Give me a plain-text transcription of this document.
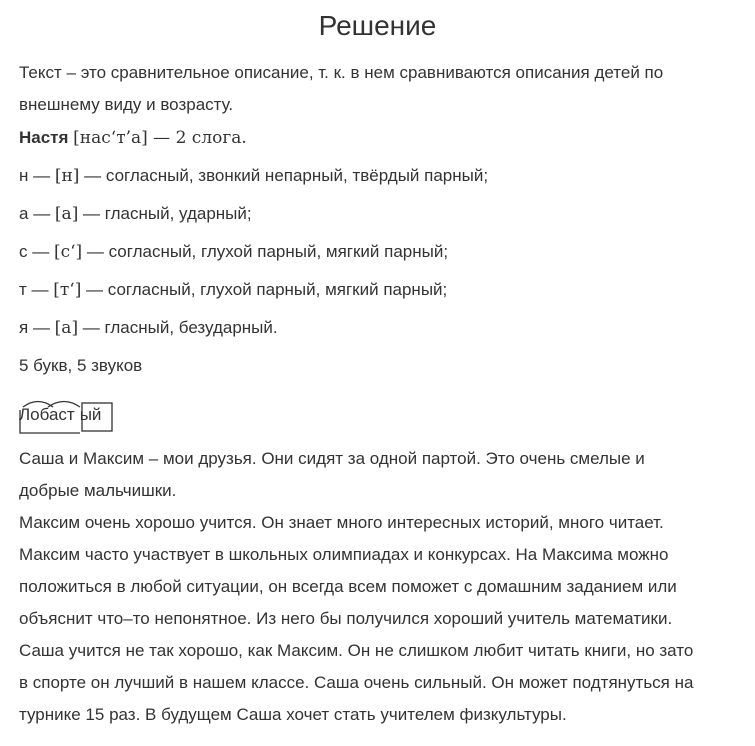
Решение
Текст – это сравнительное описание, т. к. в нем сравниваются описания детей по
внешнему виду и возрасту.
Настя [нас‘т’а] — 2 слога.
н — [н] — согласный, звонкий непарный, твёрдый парный;
а — [а] — гласный, ударный;
с — [с‘] — согласный, глухой парный, мягкий парный;
т — [т‘] — согласный, глухой парный, мягкий парный;
я — [а] — гласный, безударный.
5 букв, 5 звуков
Лобаст ый
Саша и Максим – мои друзья. Они сидят за одной партой. Это очень смелые и
добрые мальчишки.
Максим очень хорошо учится. Он знает много интересных историй, много читает.
Максим часто участвует в школьных олимпиадах и конкурсах. На Максима можно
положиться в любой ситуации, он всегда всем поможет с домашним заданием или
объяснит что–то непонятное. Из него бы получился хороший учитель математики.
Саша учится не так хорошо, как Максим. Он не слишком любит читать книги, но зато
в спорте он лучший в нашем классе. Саша очень сильный. Он может подтянуться на
турнике 15 раз. В будущем Саша хочет стать учителем физкультуры.
